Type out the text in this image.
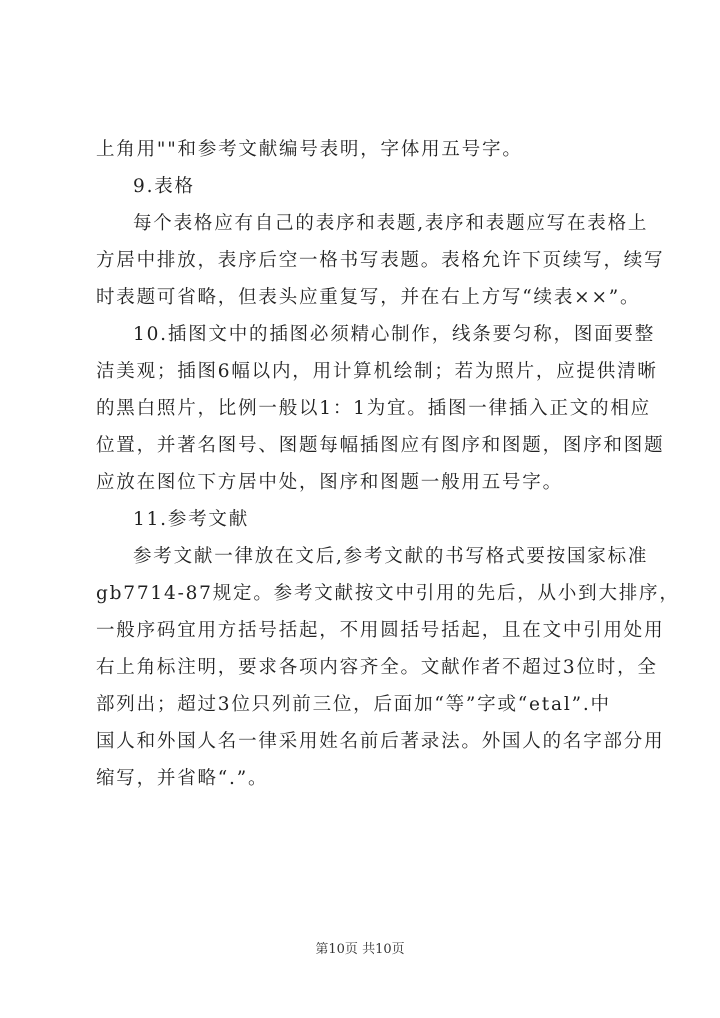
上角用""和参考文献编号表明，字体用五号字。
9.表格
每个表格应有自己的表序和表题,表序和表题应写在表格上
方居中排放，表序后空一格书写表题。表格允许下页续写，续写
时表题可省略，但表头应重复写，并在右上方写“续表××”。
10.插图文中的插图必须精心制作，线条要匀称，图面要整
洁美观；插图6幅以内，用计算机绘制；若为照片，应提供清晰
的黑白照片，比例一般以1：1为宜。插图一律插入正文的相应
位置，并著名图号、图题每幅插图应有图序和图题，图序和图题
应放在图位下方居中处，图序和图题一般用五号字。
11.参考文献
参考文献一律放在文后,参考文献的书写格式要按国家标准
gb7714-87规定。参考文献按文中引用的先后，从小到大排序，
一般序码宜用方括号括起，不用圆括号括起，且在文中引用处用
右上角标注明，要求各项内容齐全。文献作者不超过3位时，全
部列出；超过3位只列前三位，后面加“等”字或“etal”.中
国人和外国人名一律采用姓名前后著录法。外国人的名字部分用
缩写，并省略“.”。
第10页 共10页
